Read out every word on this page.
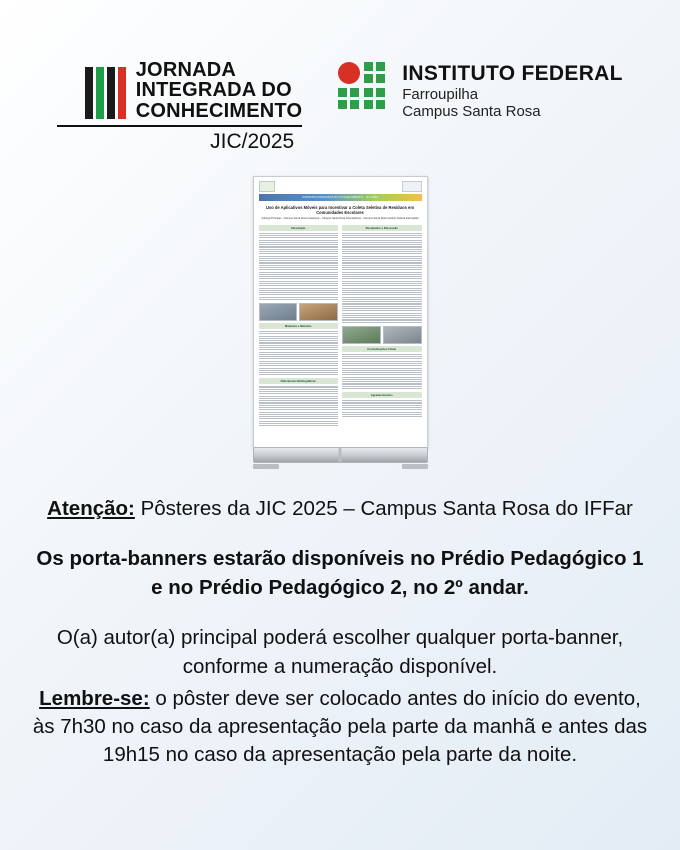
JORNADA
INTEGRADA DO
CONHECIMENTO
JIC/2025
INSTITUTO FEDERAL
Farroupilha
Campus Santa Rosa
JORNADA INTEGRADA DO CONHECIMENTO - JIC 2025
Uso de Aplicativos Móveis para Incentivar a Coleta Seletiva de Resíduos em Comunidades Escolares
Autor(a) Principal – Campus Santa Rosa Coautor(a) – Campus Santa Rosa Orientador(a) – Campus Santa Rosa Instituto Federal Farroupilha
Introdução
Materiais e Métodos
Referências Bibliográficas
Resultados e Discussão
Considerações Finais
Agradecimentos
Atenção: Pôsteres da JIC 2025 – Campus Santa Rosa do IFFar
Os porta-banners estarão disponíveis no Prédio Pedagógico 1 e no Prédio Pedagógico 2, no 2º andar.
O(a) autor(a) principal poderá escolher qualquer porta-banner, conforme a numeração disponível.
Lembre-se: o pôster deve ser colocado antes do início do evento, às 7h30 no caso da apresentação pela parte da manhã e antes das 19h15 no caso da apresentação pela parte da noite.
